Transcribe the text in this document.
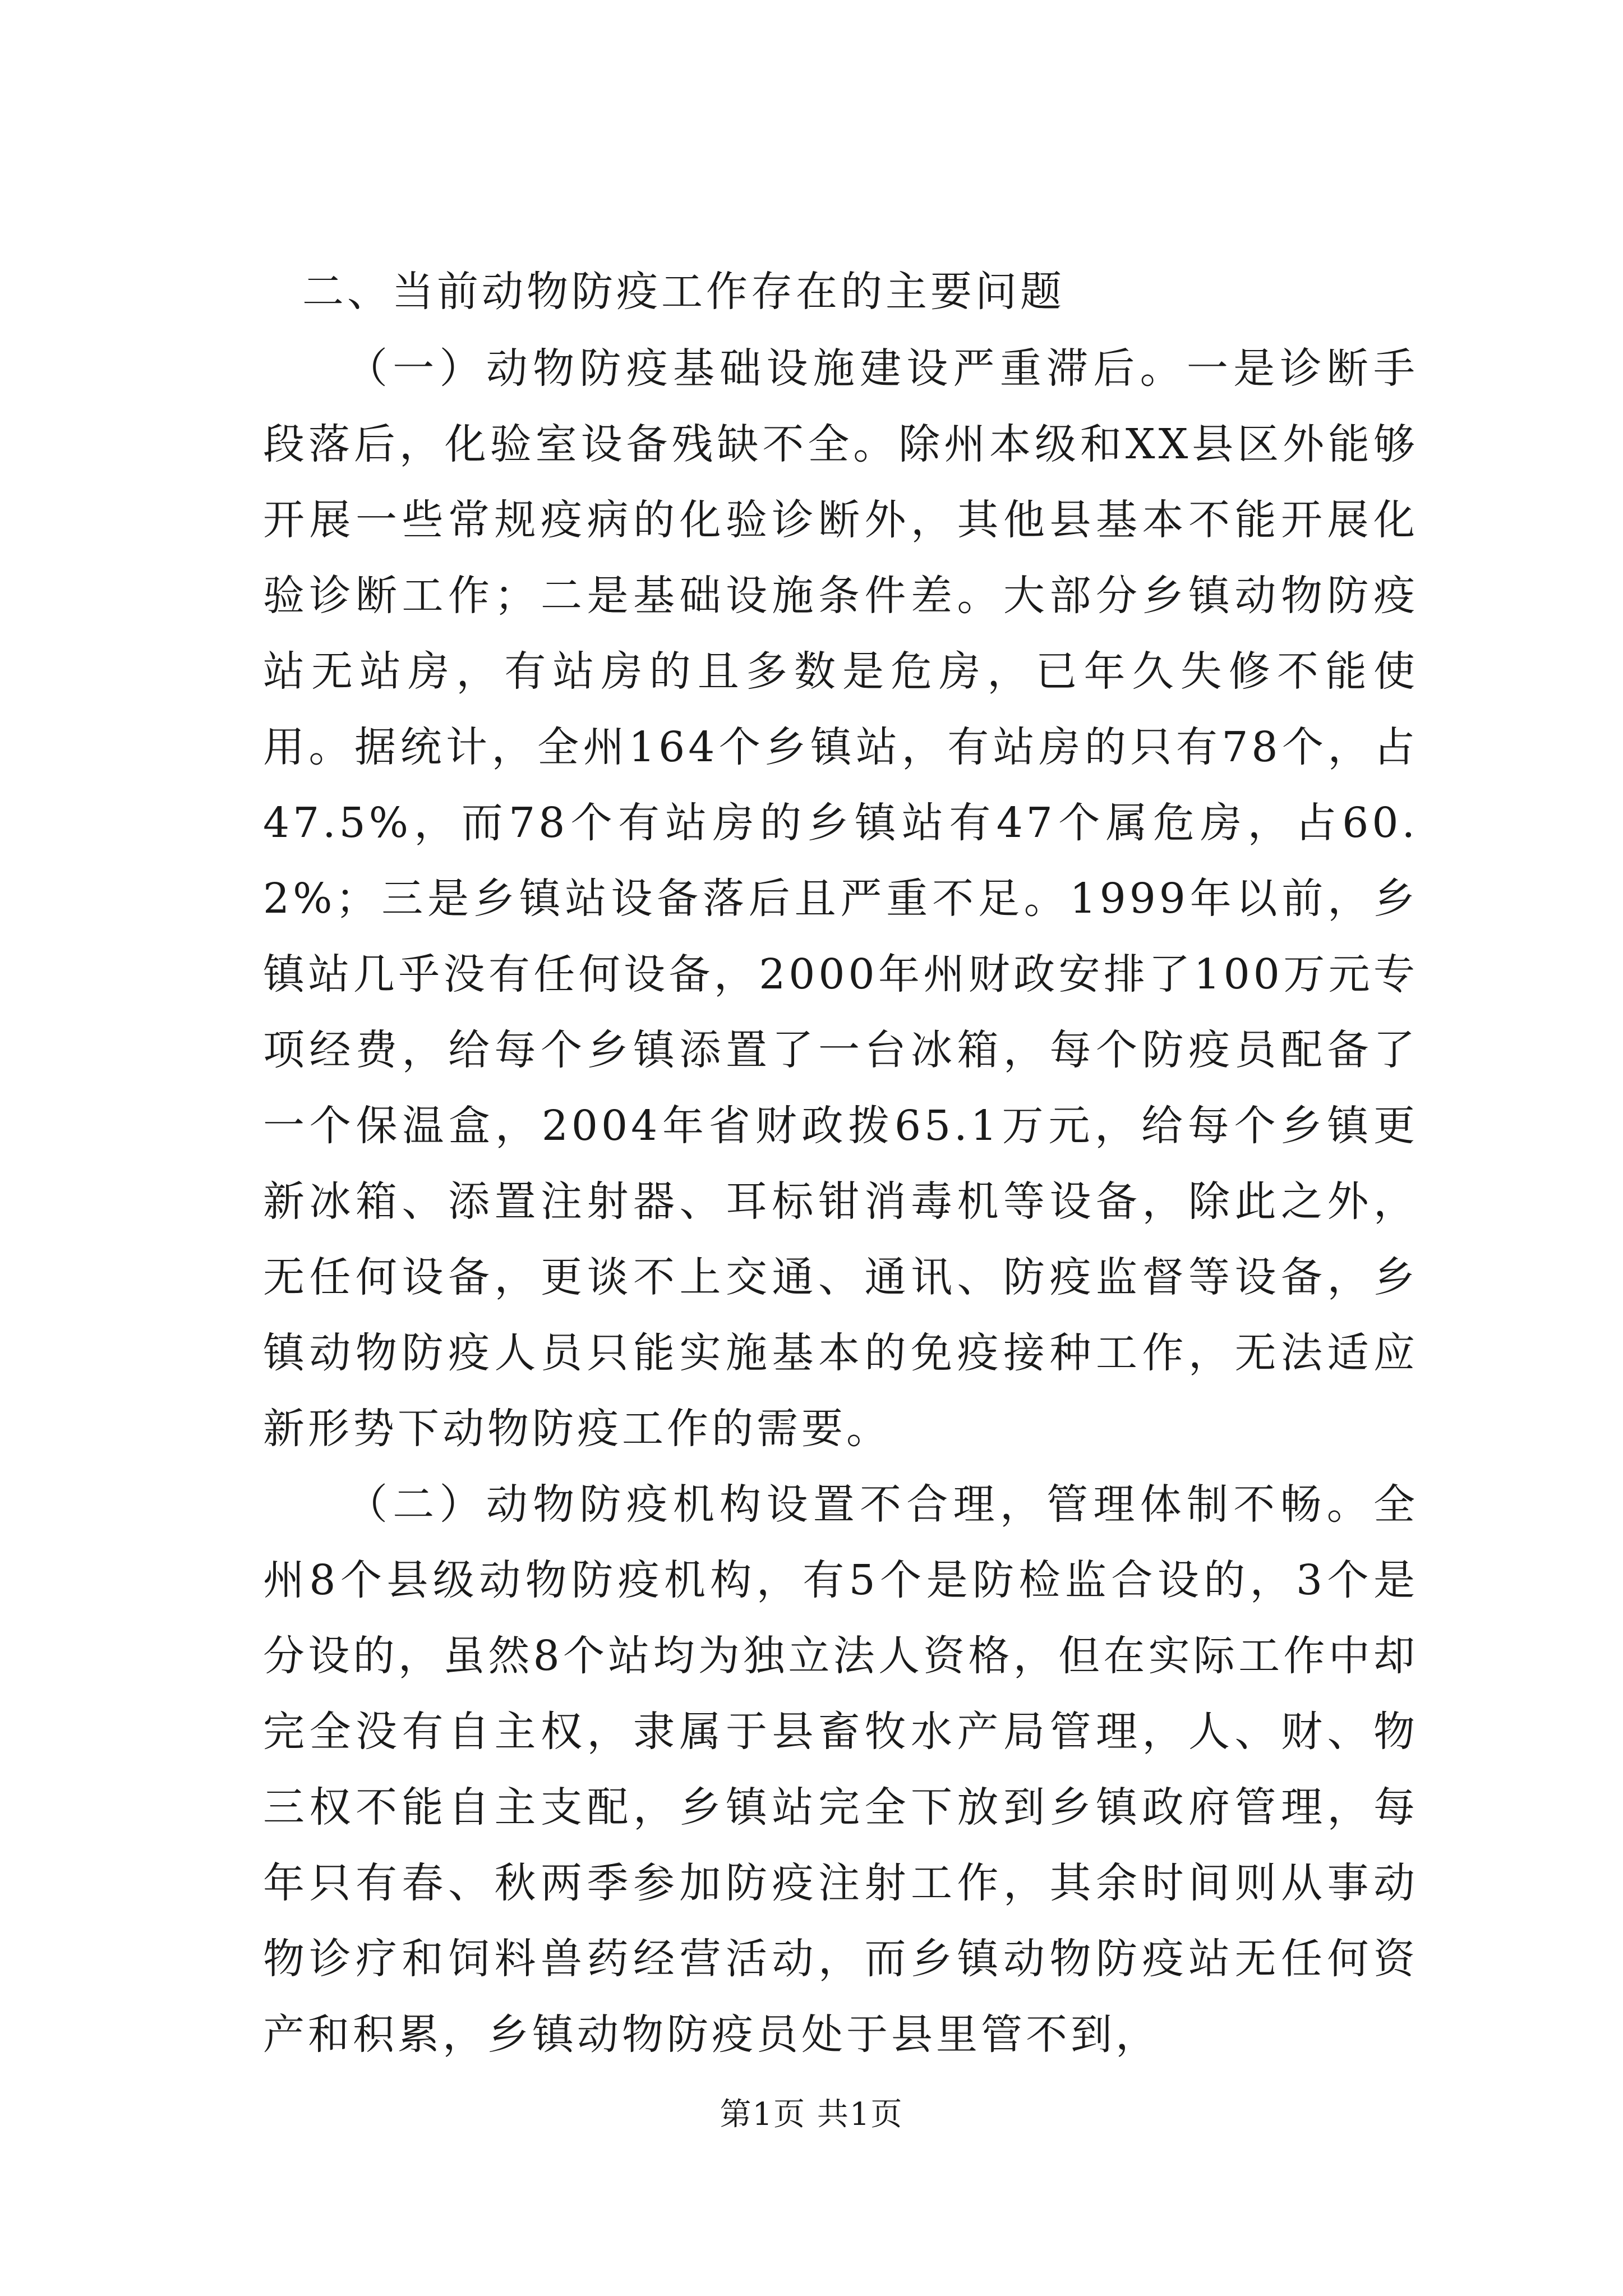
二、当前动物防疫工作存在的主要问题

（一）动物防疫基础设施建设严重滞后。一是诊断手段落后，化验室设备残缺不全。除州本级和XX县区外能够开展一些常规疫病的化验诊断外，其他县基本不能开展化验诊断工作；二是基础设施条件差。大部分乡镇动物防疫站无站房，有站房的且多数是危房，已年久失修不能使用。据统计，全州164个乡镇站，有站房的只有78个，占47.5%，而78个有站房的乡镇站有47个属危房，占60.2%；三是乡镇站设备落后且严重不足。1999年以前，乡镇站几乎没有任何设备，2000年州财政安排了100万元专项经费，给每个乡镇添置了一台冰箱，每个防疫员配备了一个保温盒，2004年省财政拨65.1万元，给每个乡镇更新冰箱、添置注射器、耳标钳消毒机等设备，除此之外，无任何设备，更谈不上交通、通讯、防疫监督等设备，乡镇动物防疫人员只能实施基本的免疫接种工作，无法适应新形势下动物防疫工作的需要。

（二）动物防疫机构设置不合理，管理体制不畅。全州8个县级动物防疫机构，有5个是防检监合设的，3个是分设的，虽然8个站均为独立法人资格，但在实际工作中却完全没有自主权，隶属于县畜牧水产局管理，人、财、物三权不能自主支配，乡镇站完全下放到乡镇政府管理，每年只有春、秋两季参加防疫注射工作，其余时间则从事动物诊疗和饲料兽药经营活动，而乡镇动物防疫站无任何资产和积累，乡镇动物防疫员处于县里管不到，

第1页 共1页
